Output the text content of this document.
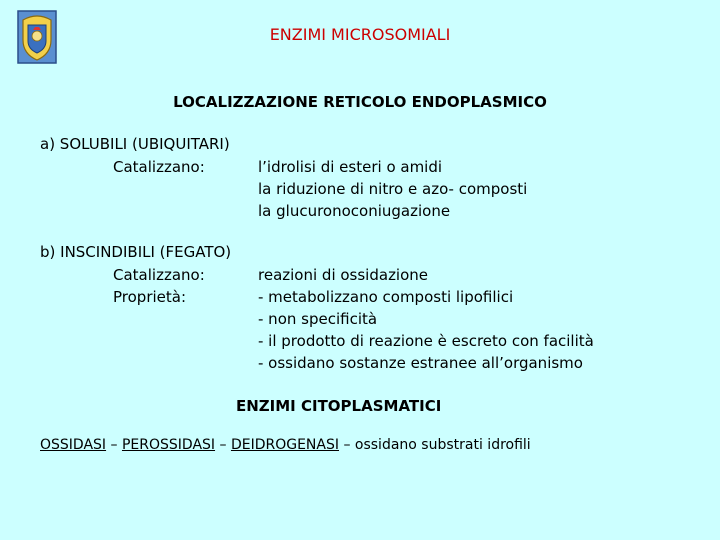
ENZIMI MICROSOMIALI
LOCALIZZAZIONE RETICOLO ENDOPLASMICO
a) SOLUBILI (UBIQUITARI)
Catalizzano:	l’idrolisi di esteri o amidi
la riduzione di nitro e azo- composti
la glucuronoconiugazione
b) INSCINDIBILI (FEGATO)
Catalizzano:	reazioni di ossidazione
Proprietà:	- metabolizzano composti lipofilici
- non specificità
- il prodotto di reazione è escreto con facilità
- ossidano sostanze estranee all’organismo
ENZIMI CITOPLASMATICI
OSSIDASI – PEROSSIDASI – DEIDROGENASI – ossidano substrati idrofili
